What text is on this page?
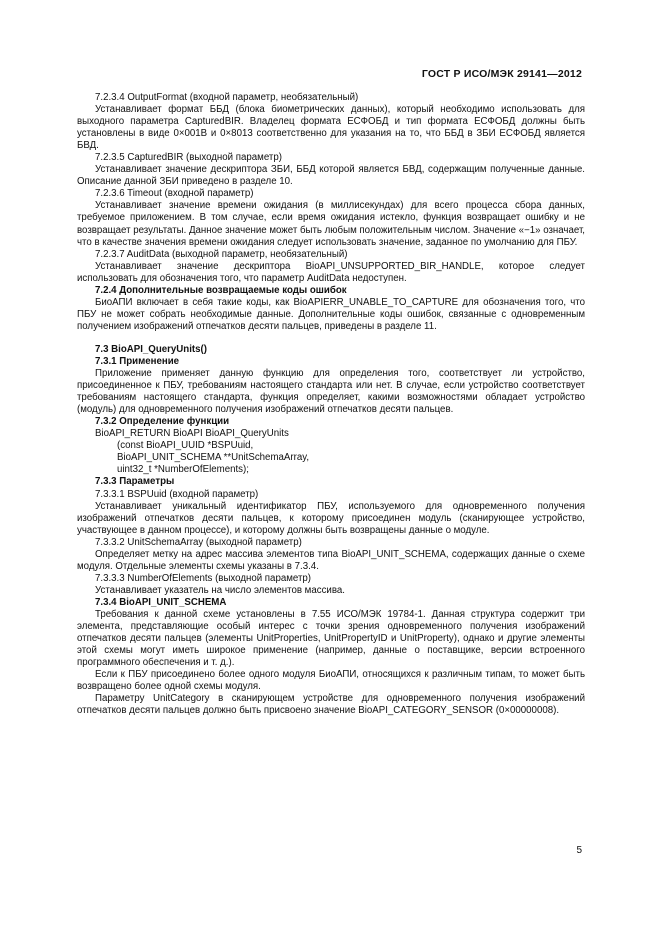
ГОСТ Р ИСО/МЭК 29141—2012

7.2.3.4 OutputFormat (входной параметр, необязательный)

Устанавливает формат ББД (блока биометрических данных), который необходимо использовать для выходного параметра CapturedBIR. Владелец формата ЕСФОБД и тип формата ЕСФОБД должны быть установлены в виде 0×001B и 0×8013 соответственно для указания на то, что ББД в ЗБИ ЕСФОБД является БВД.

7.2.3.5 CapturedBIR (выходной параметр)

Устанавливает значение дескриптора ЗБИ, ББД которой является БВД, содержащим полученные данные. Описание данной ЗБИ приведено в разделе 10.

7.2.3.6 Timeout (входной параметр)

Устанавливает значение времени ожидания (в миллисекундах) для всего процесса сбора данных, требуемое приложением. В том случае, если время ожидания истекло, функция возвращает ошибку и не возвращает результаты. Данное значение может быть любым положительным числом. Значение «−1» означает, что в качестве значения времени ожидания следует использовать значение, заданное по умолчанию для ПБУ.

7.2.3.7 AuditData (выходной параметр, необязательный)

Устанавливает значение дескриптора BioAPI_UNSUPPORTED_BIR_HANDLE, которое следует использовать для обозначения того, что параметр AuditData недоступен.

7.2.4 Дополнительные возвращаемые коды ошибок

БиоАПИ включает в себя такие коды, как BioAPIERR_UNABLE_TO_CAPTURE для обозначения того, что ПБУ не может собрать необходимые данные. Дополнительные коды ошибок, связанные с одновременным получением изображений отпечатков десяти пальцев, приведены в разделе 11.

7.3 BioAPI_QueryUnits()

7.3.1 Применение

Приложение применяет данную функцию для определения того, соответствует ли устройство, присоединенное к ПБУ, требованиям настоящего стандарта или нет. В случае, если устройство соответствует требованиям настоящего стандарта, функция определяет, какими возможностями обладает устройство (модуль) для одновременного получения изображений отпечатков десяти пальцев.

7.3.2 Определение функции

BioAPI_RETURN BioAPI BioAPI_QueryUnits

(const BioAPI_UUID *BSPUuid,

BioAPI_UNIT_SCHEMA **UnitSchemaArray,

uint32_t *NumberOfElements);

7.3.3 Параметры

7.3.3.1 BSPUuid (входной параметр)

Устанавливает уникальный идентификатор ПБУ, используемого для одновременного получения изображений отпечатков десяти пальцев, к которому присоединен модуль (сканирующее устройство, участвующее в данном процессе), и которому должны быть возвращены данные о модуле.

7.3.3.2 UnitSchemaArray (выходной параметр)

Определяет метку на адрес массива элементов типа BioAPI_UNIT_SCHEMA, содержащих данные о схеме модуля. Отдельные элементы схемы указаны в 7.3.4.

7.3.3.3 NumberOfElements (выходной параметр)

Устанавливает указатель на число элементов массива.

7.3.4 BioAPI_UNIT_SCHEMA

Требования к данной схеме установлены в 7.55 ИСО/МЭК 19784-1. Данная структура содержит три элемента, представляющие особый интерес с точки зрения одновременного получения изображений отпечатков десяти пальцев (элементы UnitProperties, UnitPropertyID и UnitProperty), однако и другие элементы этой схемы могут иметь широкое применение (например, данные о поставщике, версии встроенного программного обеспечения и т. д.).

Если к ПБУ присоединено более одного модуля БиоАПИ, относящихся к различным типам, то может быть возвращено более одной схемы модуля.

Параметру UnitCategory в сканирующем устройстве для одновременного получения изображений отпечатков десяти пальцев должно быть присвоено значение BioAPI_CATEGORY_SENSOR (0×00000008).

5
